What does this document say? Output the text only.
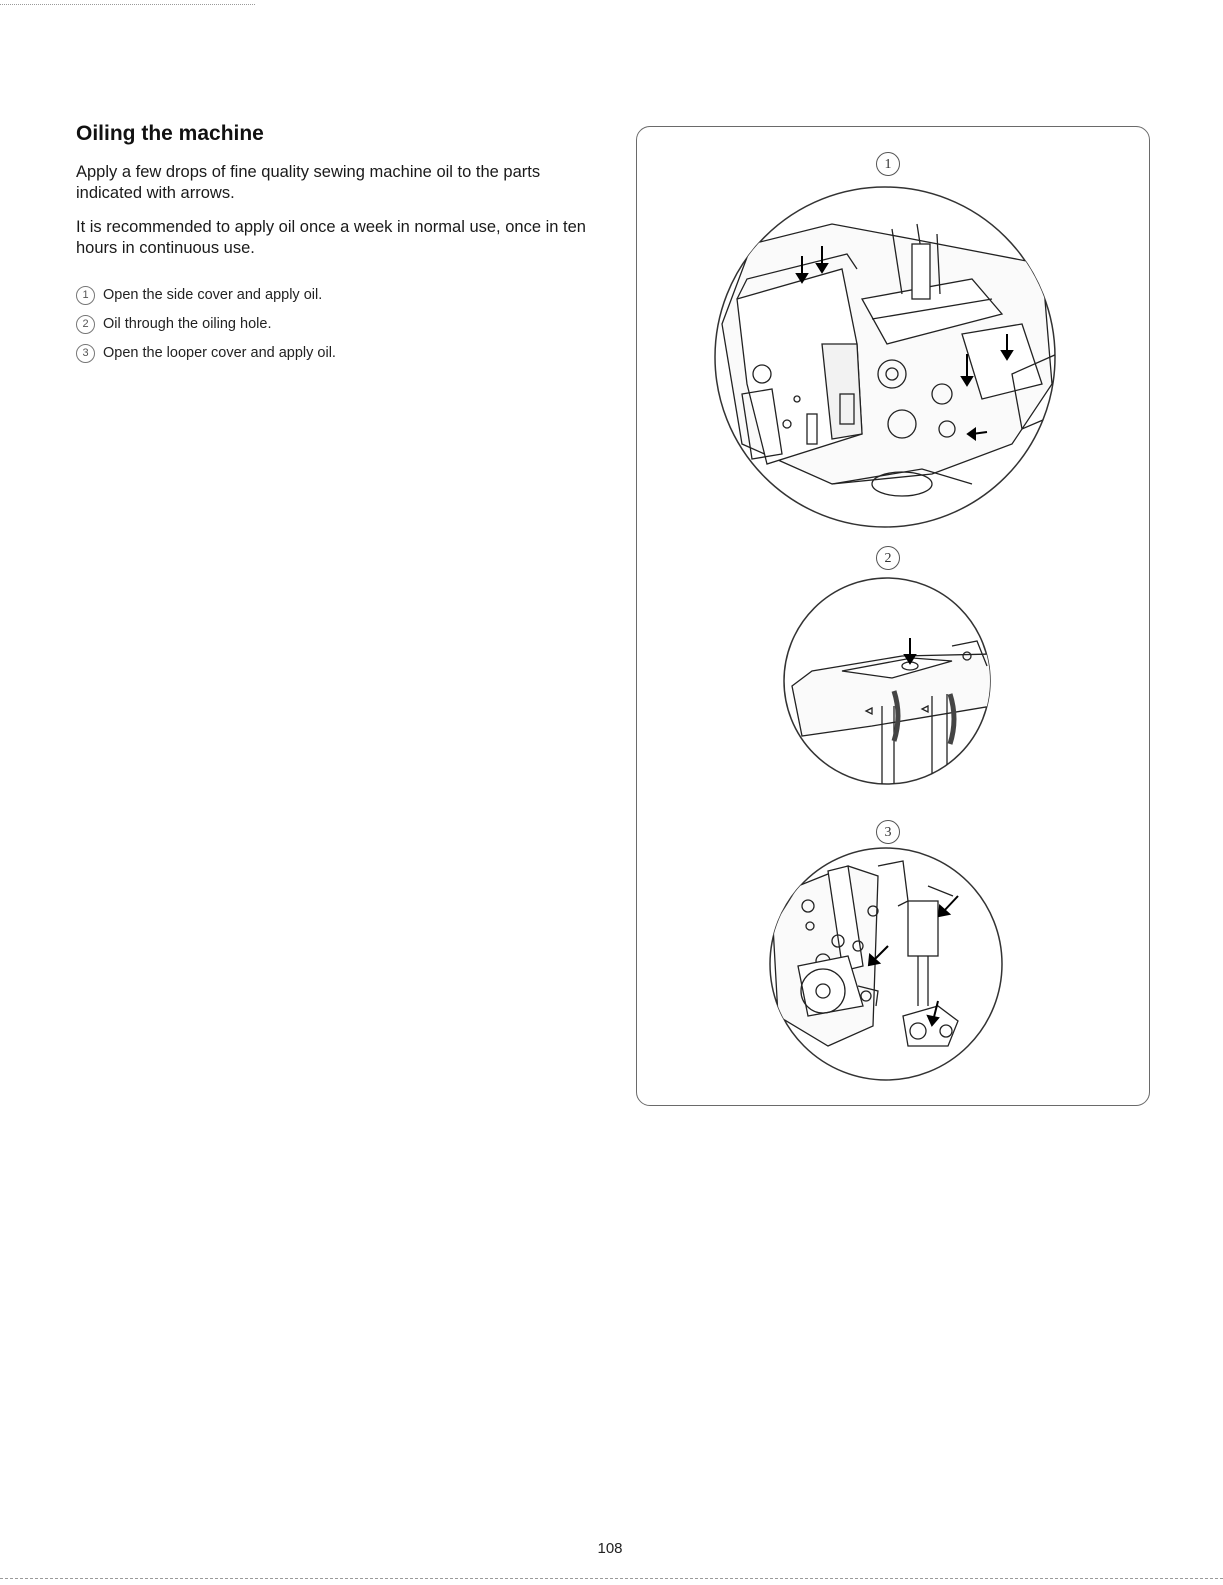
Oiling the machine

Apply a few drops of fine quality sewing machine oil to the parts indicated with arrows.

It is recommended to apply oil once a week in normal use, once in ten hours in continuous use.

1 Open the side cover and apply oil.
2 Oil through the oiling hole.
3 Open the looper cover and apply oil.
1
2
3
108
